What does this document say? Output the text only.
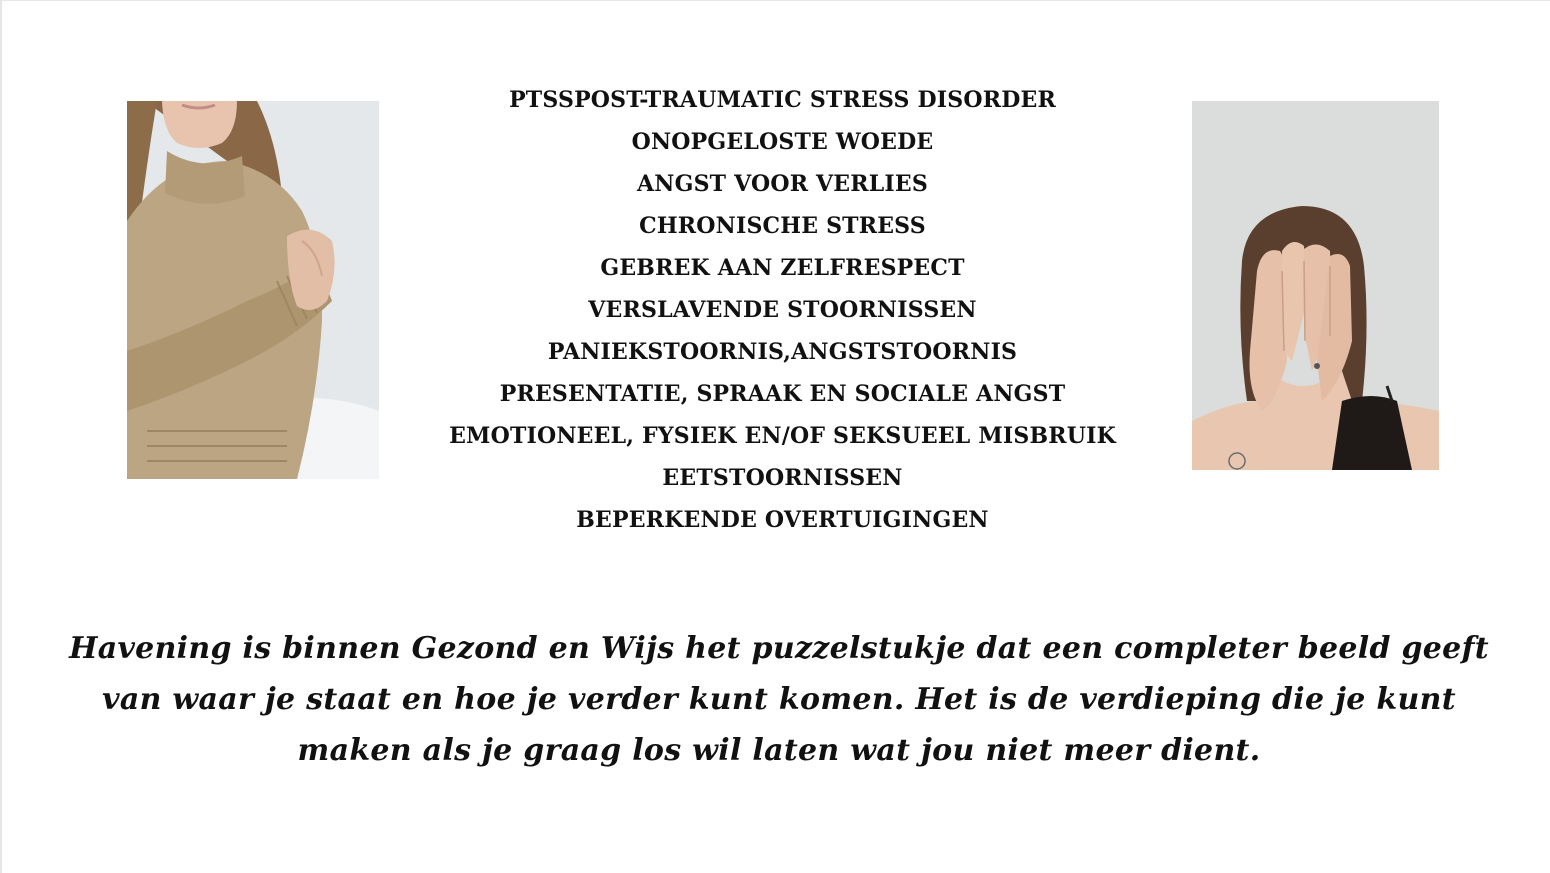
PTSSPOST-TRAUMATIC STRESS DISORDER
ONOPGELOSTE WOEDE
ANGST VOOR VERLIES
CHRONISCHE STRESS
GEBREK AAN ZELFRESPECT
VERSLAVENDE STOORNISSEN
PANIEKSTOORNIS,ANGSTSTOORNIS
PRESENTATIE, SPRAAK EN SOCIALE ANGST
EMOTIONEEL, FYSIEK EN/OF SEKSUEEL MISBRUIK
EETSTOORNISSEN
BEPERKENDE OVERTUIGINGEN

Havening is binnen Gezond en Wijs het puzzelstukje dat een completer beeld geeft van waar je staat en hoe je verder kunt komen. Het is de verdieping die je kunt maken als je graag los wil laten wat jou niet meer dient.
